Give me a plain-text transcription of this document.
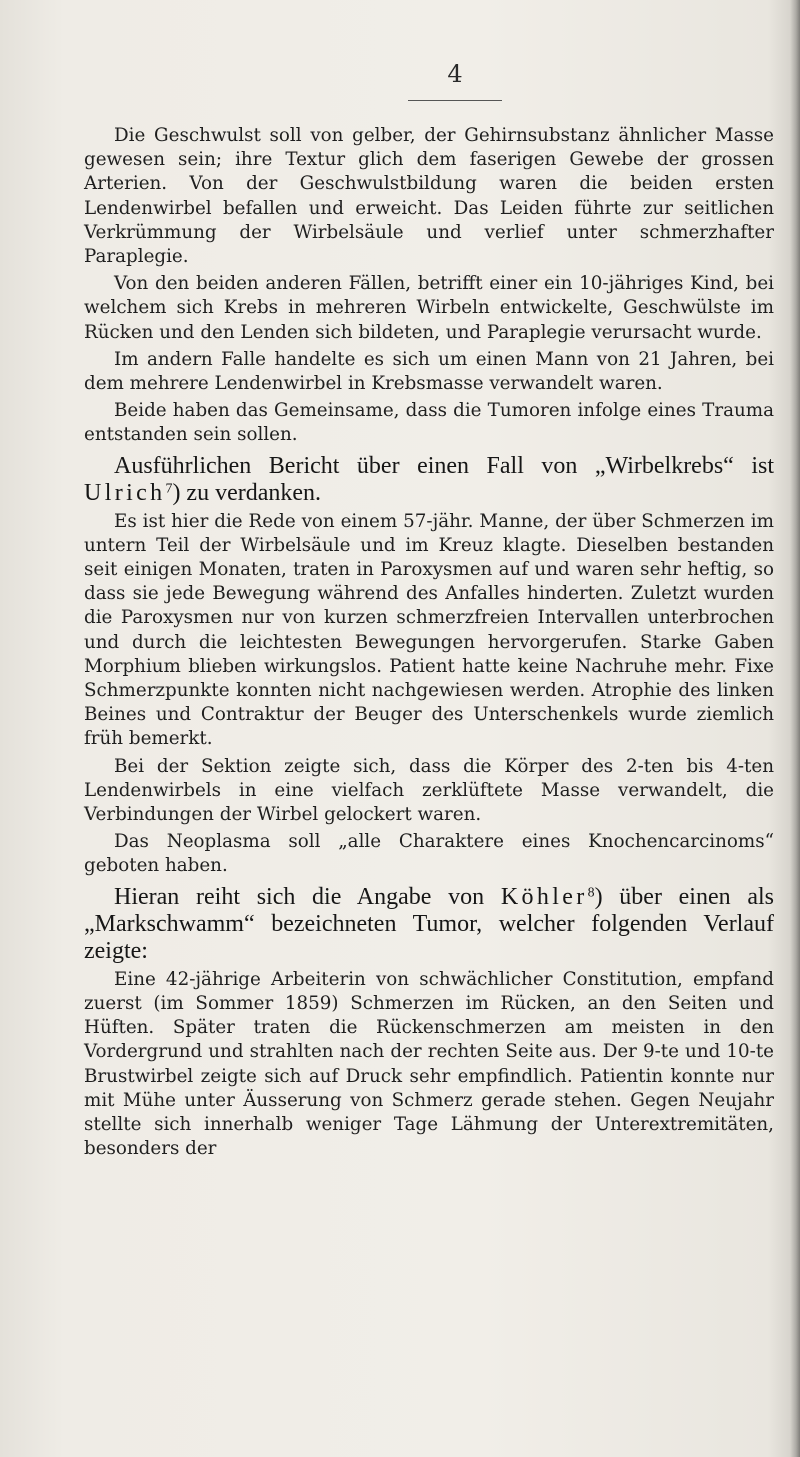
4

Die Geschwulst soll von gelber, der Gehirnsubstanz ähnlicher Masse gewesen sein; ihre Textur glich dem faserigen Gewebe der grossen Arterien. Von der Geschwulstbildung waren die beiden ersten Lendenwirbel befallen und erweicht. Das Leiden führte zur seitlichen Verkrümmung der Wirbelsäule und verlief unter schmerzhafter Paraplegie.

Von den beiden anderen Fällen, betrifft einer ein 10-jähriges Kind, bei welchem sich Krebs in mehreren Wirbeln entwickelte, Geschwülste im Rücken und den Lenden sich bildeten, und Paraplegie verursacht wurde.

Im andern Falle handelte es sich um einen Mann von 21 Jahren, bei dem mehrere Lendenwirbel in Krebsmasse verwandelt waren.

Beide haben das Gemeinsame, dass die Tumoren infolge eines Trauma entstanden sein sollen.

Ausführlichen Bericht über einen Fall von „Wirbelkrebs“ ist Ulrich$^7$) zu verdanken.

Es ist hier die Rede von einem 57-jähr. Manne, der über Schmerzen im untern Teil der Wirbelsäule und im Kreuz klagte. Dieselben bestanden seit einigen Monaten, traten in Paroxysmen auf und waren sehr heftig, so dass sie jede Bewegung während des Anfalles hinderten. Zuletzt wurden die Paroxysmen nur von kurzen schmerzfreien Intervallen unterbrochen und durch die leichtesten Bewegungen hervorgerufen. Starke Gaben Morphium blieben wirkungslos. Patient hatte keine Nachruhe mehr. Fixe Schmerzpunkte konnten nicht nachgewiesen werden. Atrophie des linken Beines und Contraktur der Beuger des Unterschenkels wurde ziemlich früh bemerkt.

Bei der Sektion zeigte sich, dass die Körper des 2-ten bis 4-ten Lendenwirbels in eine vielfach zerklüftete Masse verwandelt, die Verbindungen der Wirbel gelockert waren.

Das Neoplasma soll „alle Charaktere eines Knochencarcinoms“ geboten haben.

Hieran reiht sich die Angabe von Köhler$^8$) über einen als „Markschwamm“ bezeichneten Tumor, welcher folgenden Verlauf zeigte:

Eine 42-jährige Arbeiterin von schwächlicher Constitution, empfand zuerst (im Sommer 1859) Schmerzen im Rücken, an den Seiten und Hüften. Später traten die Rückenschmerzen am meisten in den Vordergrund und strahlten nach der rechten Seite aus. Der 9-te und 10-te Brustwirbel zeigte sich auf Druck sehr empfindlich. Patientin konnte nur mit Mühe unter Äusserung von Schmerz gerade stehen. Gegen Neujahr stellte sich innerhalb weniger Tage Lähmung der Unterextremitäten, besonders der
